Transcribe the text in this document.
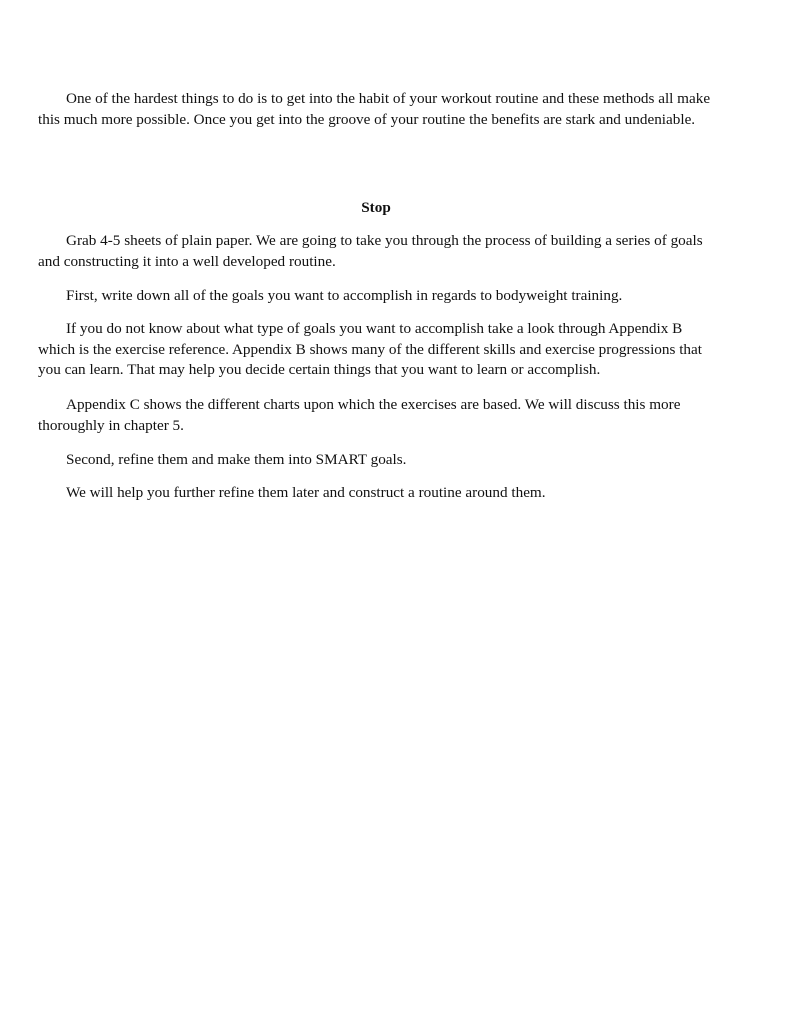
One of the hardest things to do is to get into the habit of your workout routine and these methods all make this much more possible. Once you get into the groove of your routine the benefits are stark and undeniable.

Stop

Grab 4-5 sheets of plain paper. We are going to take you through the process of building a series of goals and constructing it into a well developed routine.

First, write down all of the goals you want to accomplish in regards to bodyweight training.

If you do not know about what type of goals you want to accomplish take a look through Appendix B which is the exercise reference. Appendix B shows many of the different skills and exercise progressions that you can learn. That may help you decide certain things that you want to learn or accomplish.

Appendix C shows the different charts upon which the exercises are based. We will discuss this more thoroughly in chapter 5.

Second, refine them and make them into SMART goals.

We will help you further refine them later and construct a routine around them.
